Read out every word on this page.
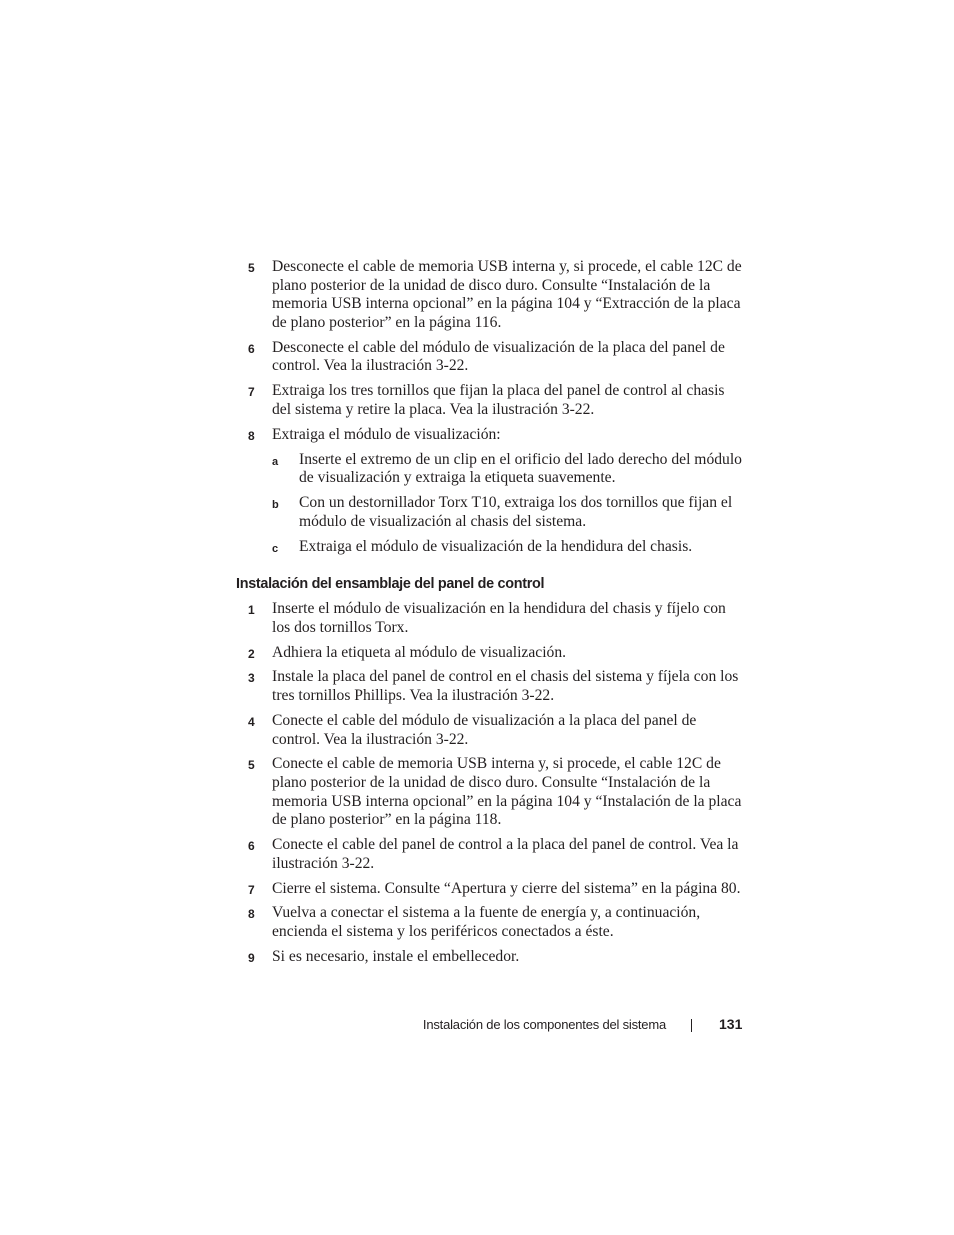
5 Desconecte el cable de memoria USB interna y, si procede, el cable 12C de plano posterior de la unidad de disco duro. Consulte “Instalación de la memoria USB interna opcional” en la página 104 y “Extracción de la placa de plano posterior” en la página 116.
6 Desconecte el cable del módulo de visualización de la placa del panel de control. Vea la ilustración 3-22.
7 Extraiga los tres tornillos que fijan la placa del panel de control al chasis del sistema y retire la placa. Vea la ilustración 3-22.
8 Extraiga el módulo de visualización:
a Inserte el extremo de un clip en el orificio del lado derecho del módulo de visualización y extraiga la etiqueta suavemente.
b Con un destornillador Torx T10, extraiga los dos tornillos que fijan el módulo de visualización al chasis del sistema.
c Extraiga el módulo de visualización de la hendidura del chasis.
Instalación del ensamblaje del panel de control
1 Inserte el módulo de visualización en la hendidura del chasis y fíjelo con los dos tornillos Torx.
2 Adhiera la etiqueta al módulo de visualización.
3 Instale la placa del panel de control en el chasis del sistema y fíjela con los tres tornillos Phillips. Vea la ilustración 3-22.
4 Conecte el cable del módulo de visualización a la placa del panel de control. Vea la ilustración 3-22.
5 Conecte el cable de memoria USB interna y, si procede, el cable 12C de plano posterior de la unidad de disco duro. Consulte “Instalación de la memoria USB interna opcional” en la página 104 y “Instalación de la placa de plano posterior” en la página 118.
6 Conecte el cable del panel de control a la placa del panel de control. Vea la ilustración 3-22.
7 Cierre el sistema. Consulte “Apertura y cierre del sistema” en la página 80.
8 Vuelva a conectar el sistema a la fuente de energía y, a continuación, encienda el sistema y los periféricos conectados a éste.
9 Si es necesario, instale el embellecedor.
Instalación de los componentes del sistema	131
